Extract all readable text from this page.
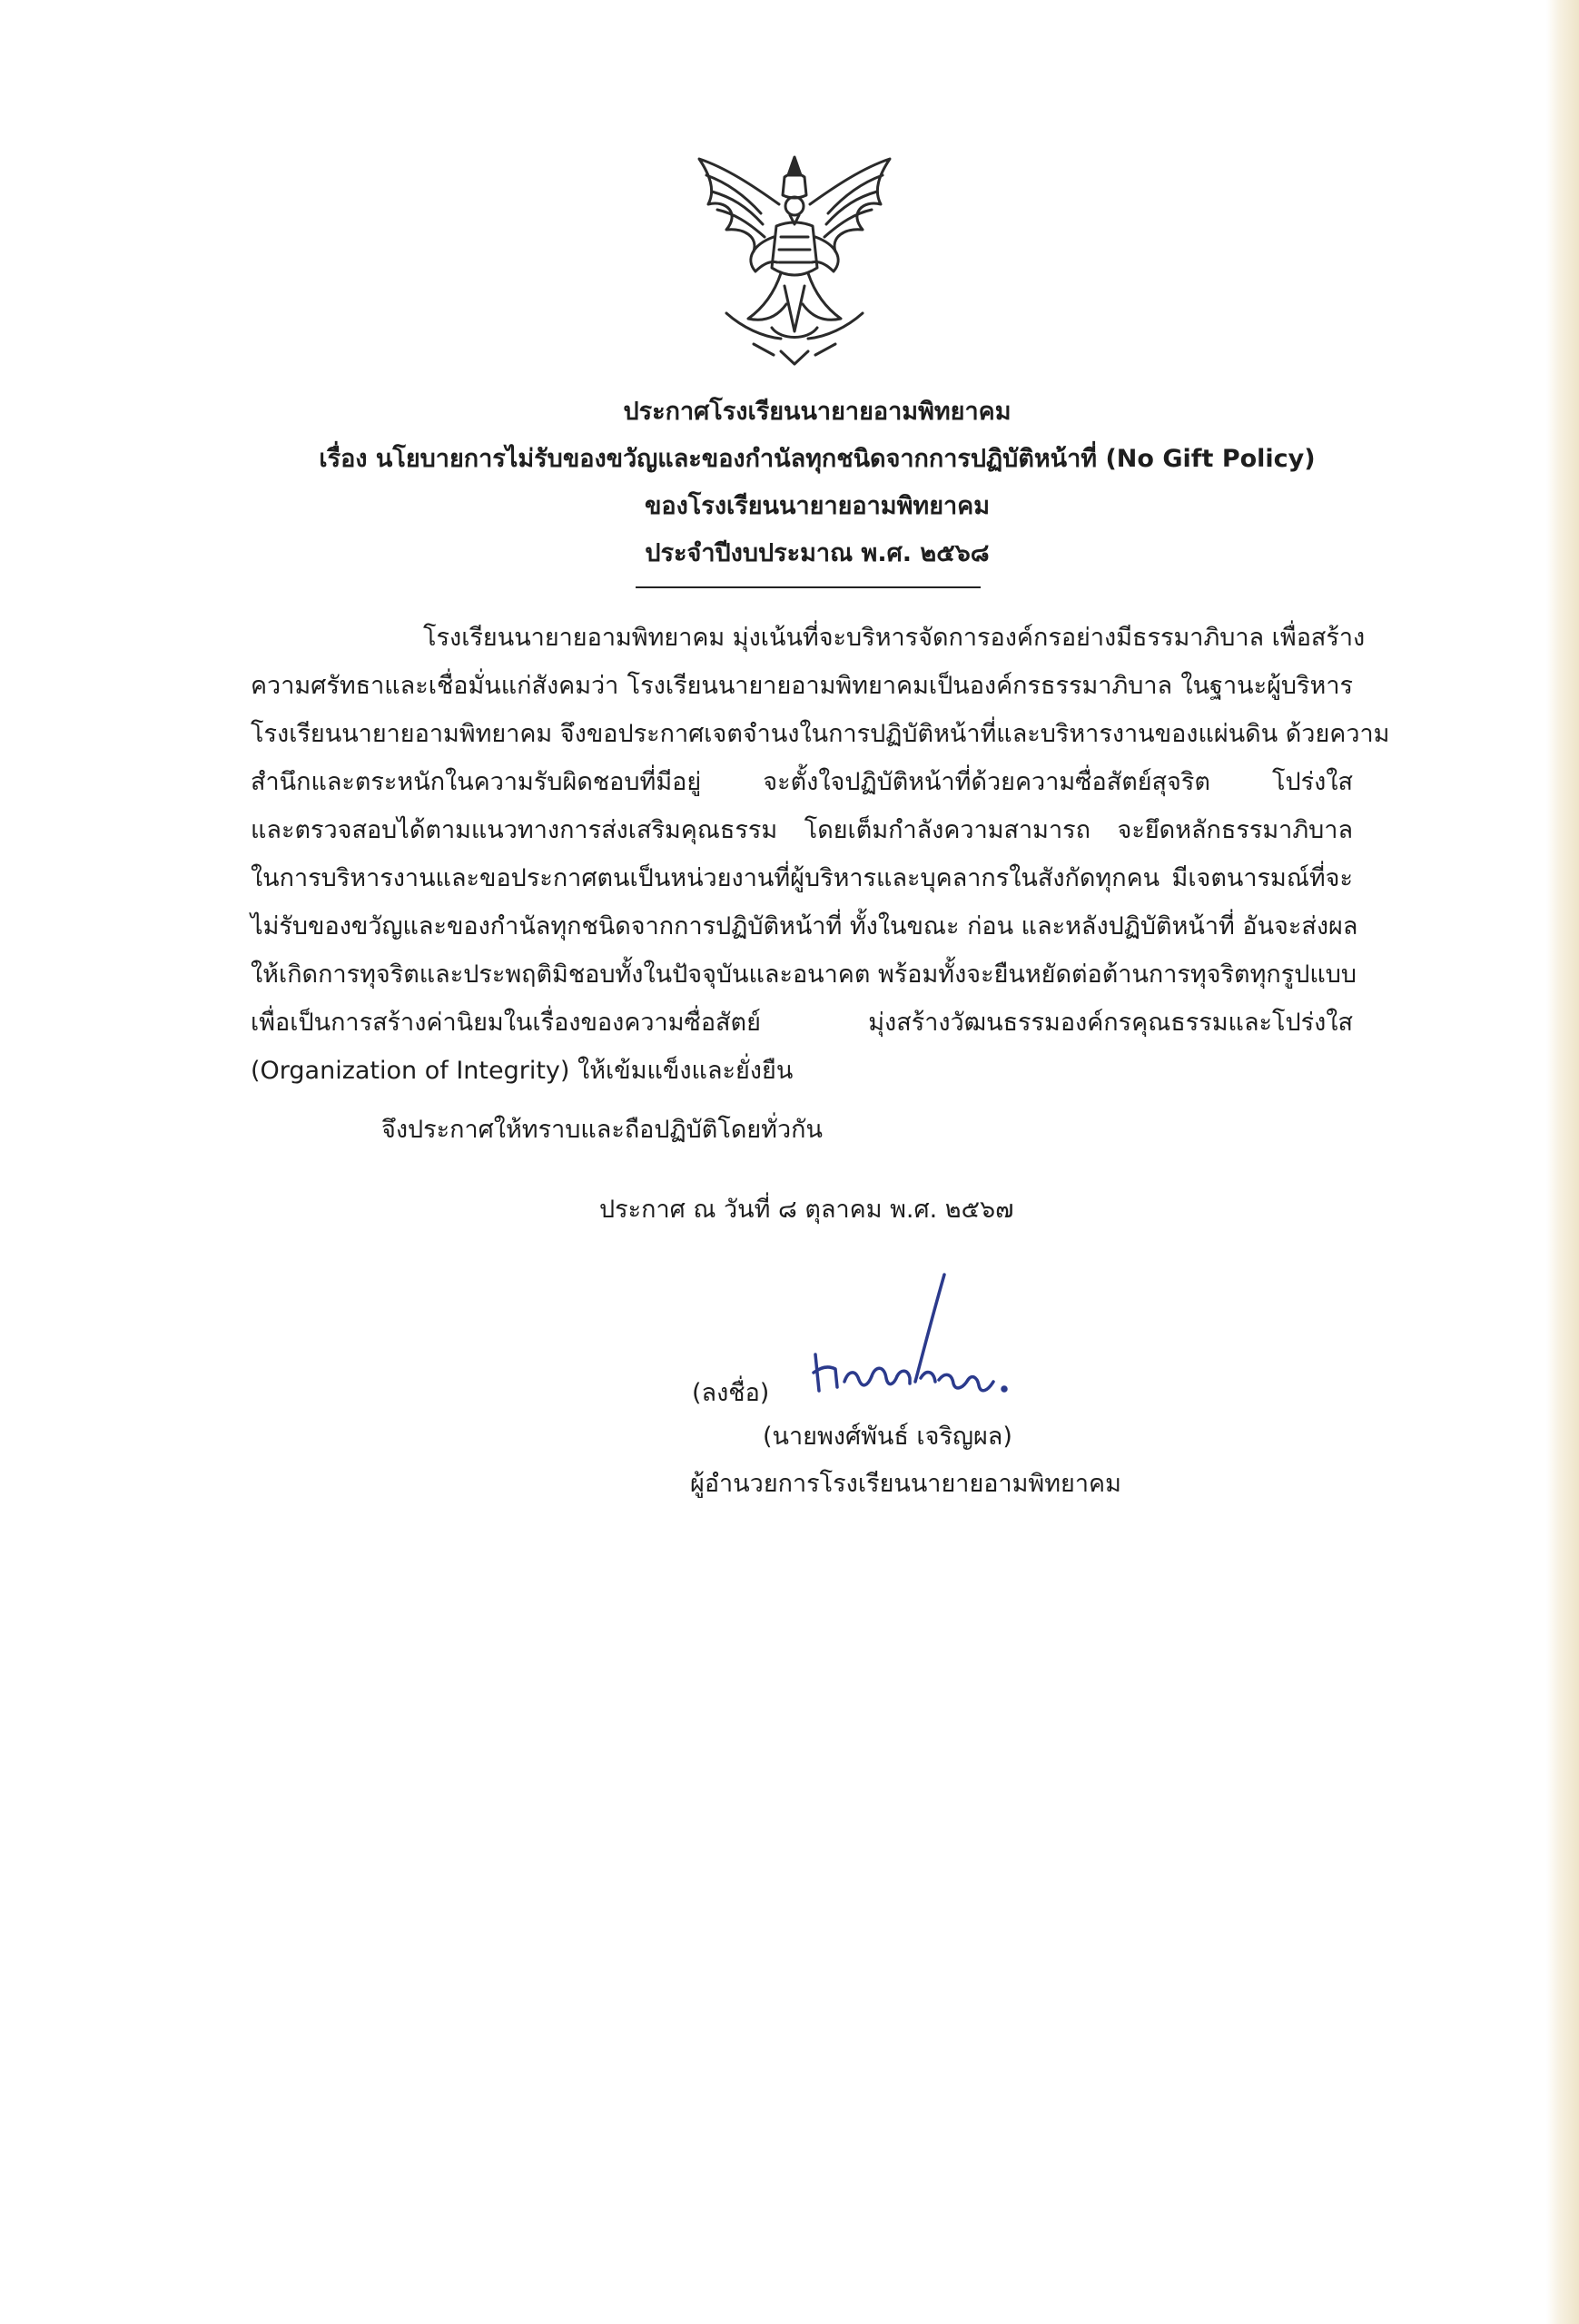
ประกาศโรงเรียนนายายอามพิทยาคม
เรื่อง นโยบายการไม่รับของขวัญและของกำนัลทุกชนิดจากการปฏิบัติหน้าที่ (No Gift Policy)
ของโรงเรียนนายายอามพิทยาคม
ประจำปีงบประมาณ พ.ศ. ๒๕๖๘
โรงเรียนนายายอามพิทยาคม มุ่งเน้นที่จะบริหารจัดการองค์กรอย่างมีธรรมาภิบาล เพื่อสร้าง
ความศรัทธาและเชื่อมั่นแก่สังคมว่า โรงเรียนนายายอามพิทยาคมเป็นองค์กรธรรมาภิบาล ในฐานะผู้บริหาร
โรงเรียนนายายอามพิทยาคม จึงขอประกาศเจตจำนงในการปฏิบัติหน้าที่และบริหารงานของแผ่นดิน ด้วยความ
สำนึกและตระหนักในความรับผิดชอบที่มีอยู่ จะตั้งใจปฏิบัติหน้าที่ด้วยความซื่อสัตย์สุจริต โปร่งใส
และตรวจสอบได้ตามแนวทางการส่งเสริมคุณธรรม โดยเต็มกำลังความสามารถ จะยึดหลักธรรมาภิบาล
ในการบริหารงานและขอประกาศตนเป็นหน่วยงานที่ผู้บริหารและบุคลากรในสังกัดทุกคน มีเจตนารมณ์ที่จะ
ไม่รับของขวัญและของกำนัลทุกชนิดจากการปฏิบัติหน้าที่ ทั้งในขณะ ก่อน และหลังปฏิบัติหน้าที่ อันจะส่งผล
ให้เกิดการทุจริตและประพฤติมิชอบทั้งในปัจจุบันและอนาคต พร้อมทั้งจะยืนหยัดต่อต้านการทุจริตทุกรูปแบบ
เพื่อเป็นการสร้างค่านิยมในเรื่องของความซื่อสัตย์ มุ่งสร้างวัฒนธรรมองค์กรคุณธรรมและโปร่งใส
(Organization of Integrity) ให้เข้มแข็งและยั่งยืน
จึงประกาศให้ทราบและถือปฏิบัติโดยทั่วกัน
ประกาศ ณ วันที่ ๘ ตุลาคม พ.ศ. ๒๕๖๗
(ลงชื่อ)
(นายพงศ์พันธ์ เจริญผล)
ผู้อำนวยการโรงเรียนนายายอามพิทยาคม
